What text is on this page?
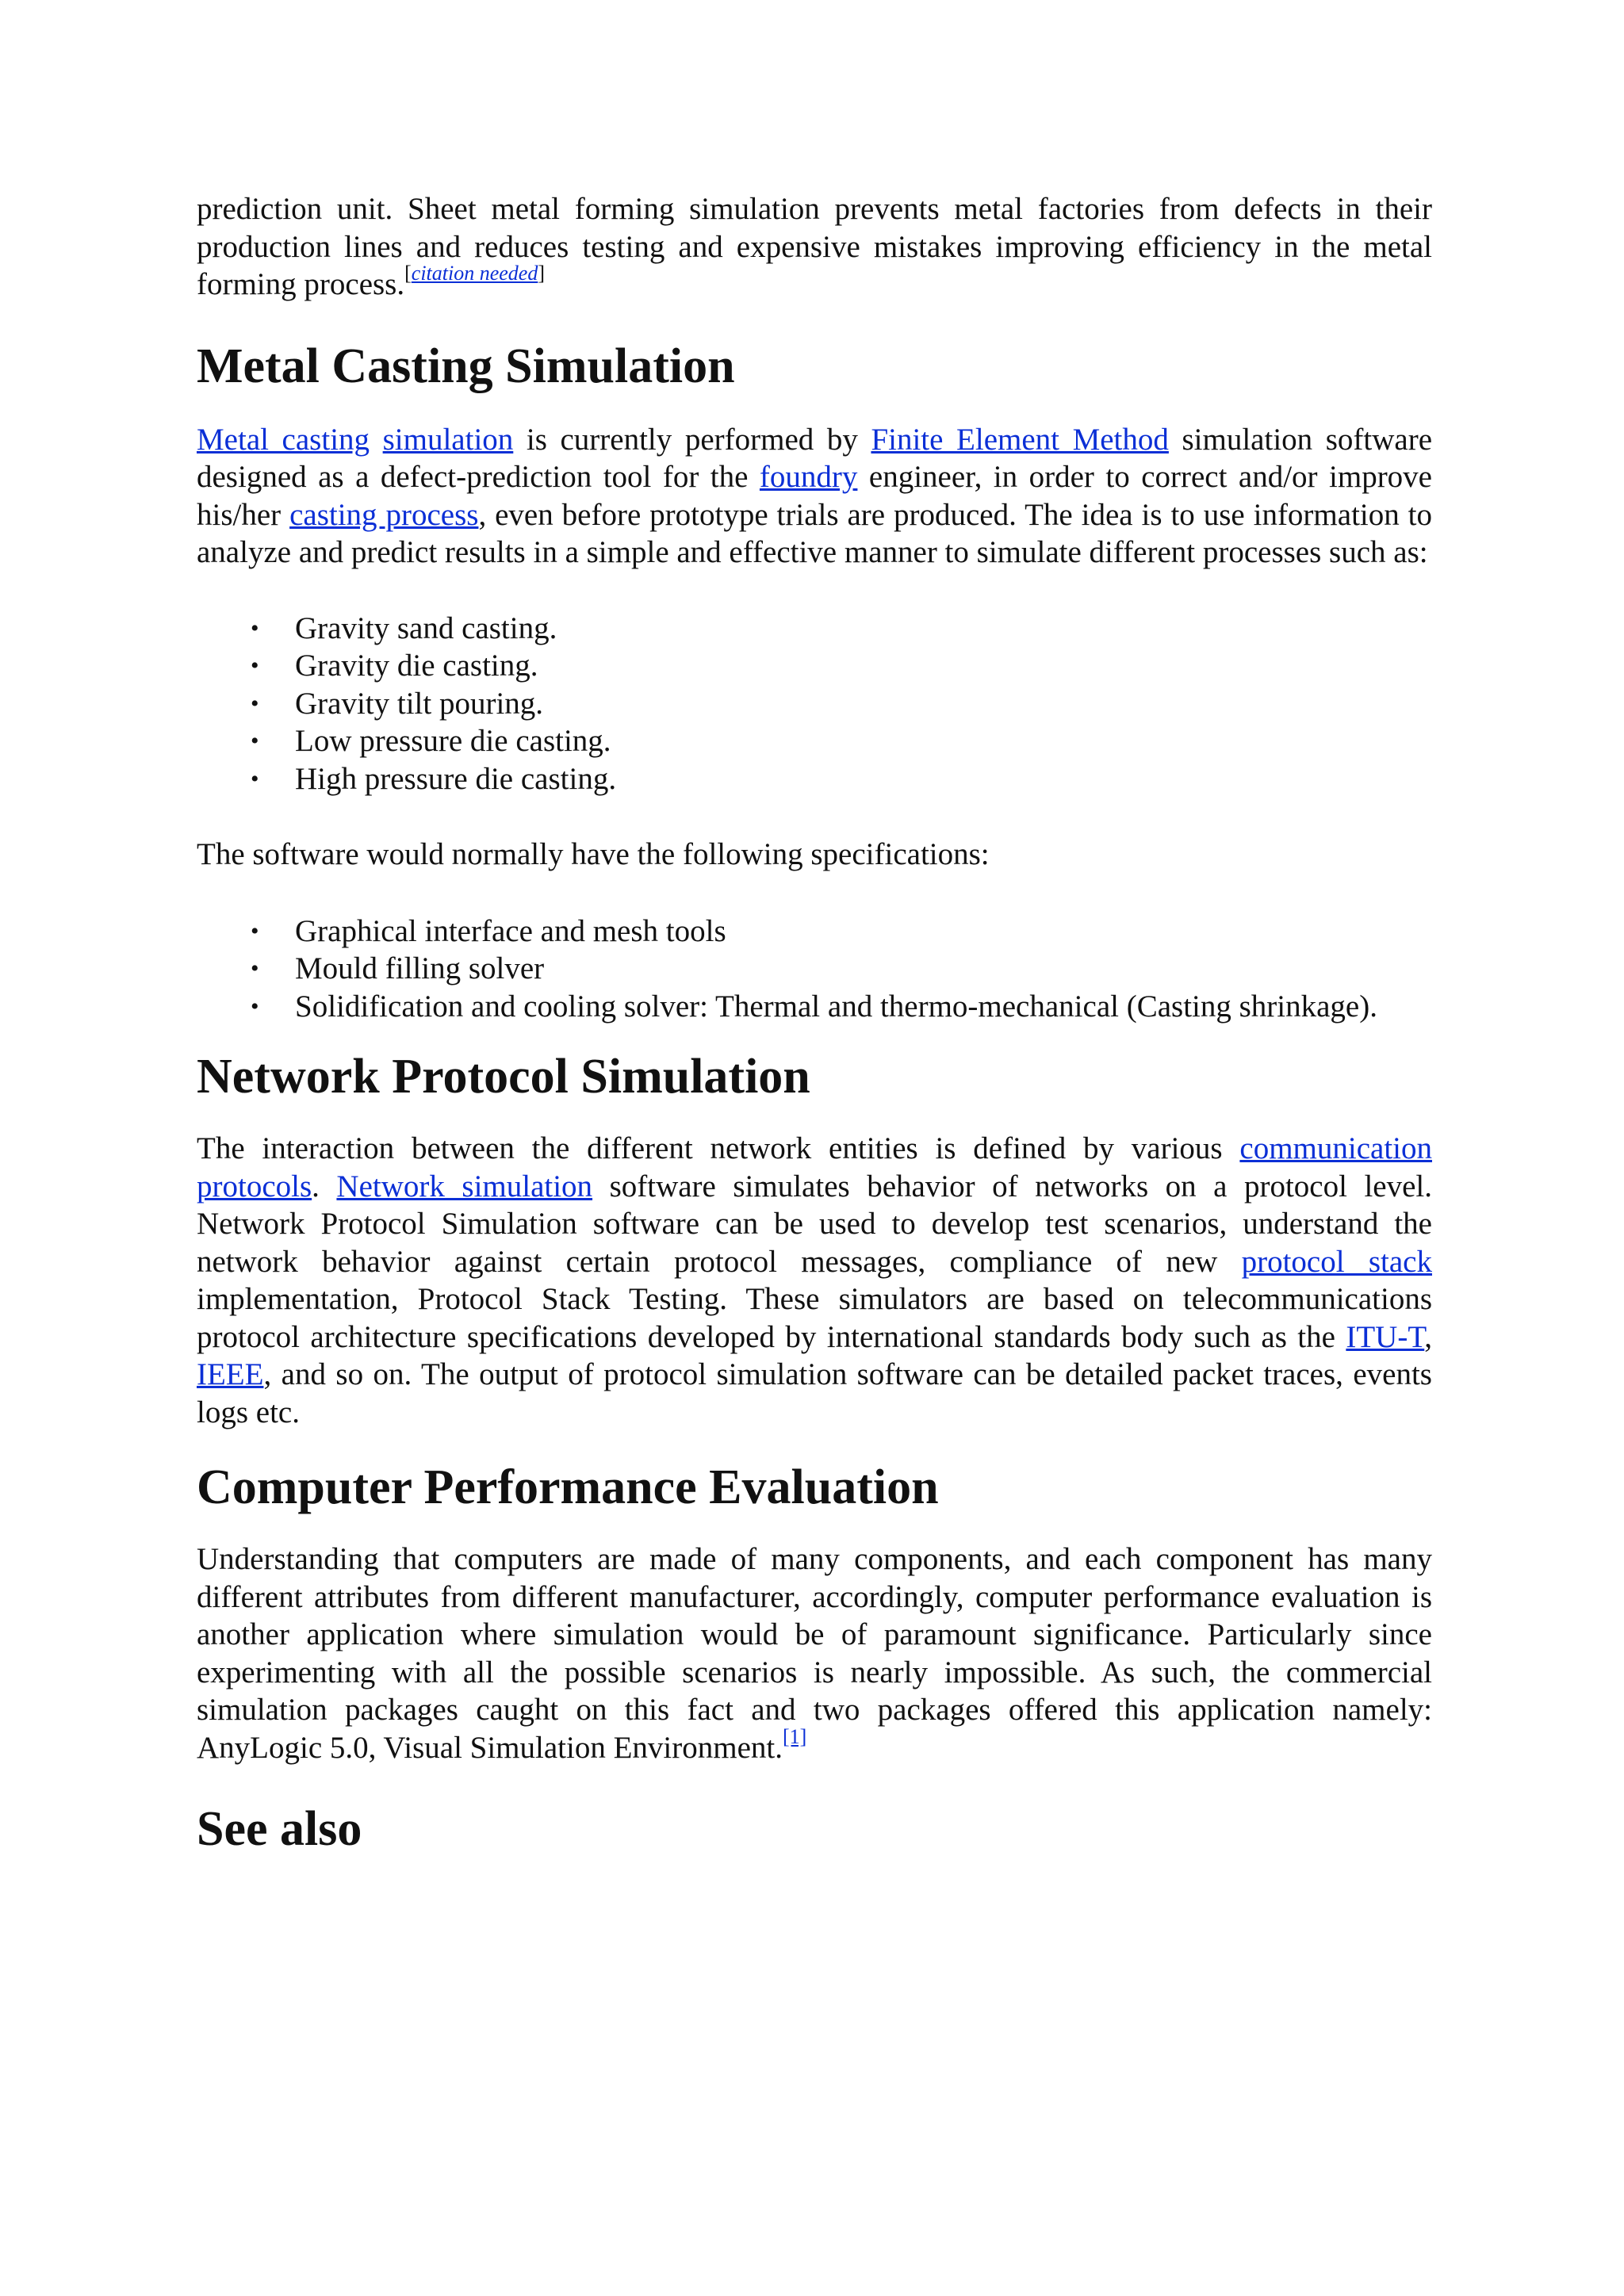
prediction unit. Sheet metal forming simulation prevents metal factories from defects in their production lines and reduces testing and expensive mistakes improving efficiency in the metal forming process.[citation needed]

Metal Casting Simulation

Metal casting simulation is currently performed by Finite Element Method simulation software designed as a defect-prediction tool for the foundry engineer, in order to correct and/or improve his/her casting process, even before prototype trials are produced. The idea is to use information to analyze and predict results in a simple and effective manner to simulate different processes such as:

• Gravity sand casting.
• Gravity die casting.
• Gravity tilt pouring.
• Low pressure die casting.
• High pressure die casting.

The software would normally have the following specifications:

• Graphical interface and mesh tools
• Mould filling solver
• Solidification and cooling solver: Thermal and thermo-mechanical (Casting shrinkage).
Network Protocol Simulation

The interaction between the different network entities is defined by various communication protocols. Network simulation software simulates behavior of networks on a protocol level. Network Protocol Simulation software can be used to develop test scenarios, understand the network behavior against certain protocol messages, compliance of new protocol stack implementation, Protocol Stack Testing. These simulators are based on telecommunications protocol architecture specifications developed by international standards body such as the ITU-T, IEEE, and so on. The output of protocol simulation software can be detailed packet traces, events logs etc.

Computer Performance Evaluation

Understanding that computers are made of many components, and each component has many different attributes from different manufacturer, accordingly, computer performance evaluation is another application where simulation would be of paramount significance. Particularly since experimenting with all the possible scenarios is nearly impossible. As such, the commercial simulation packages caught on this fact and two packages offered this application namely: AnyLogic 5.0, Visual Simulation Environment.[1]

See also
